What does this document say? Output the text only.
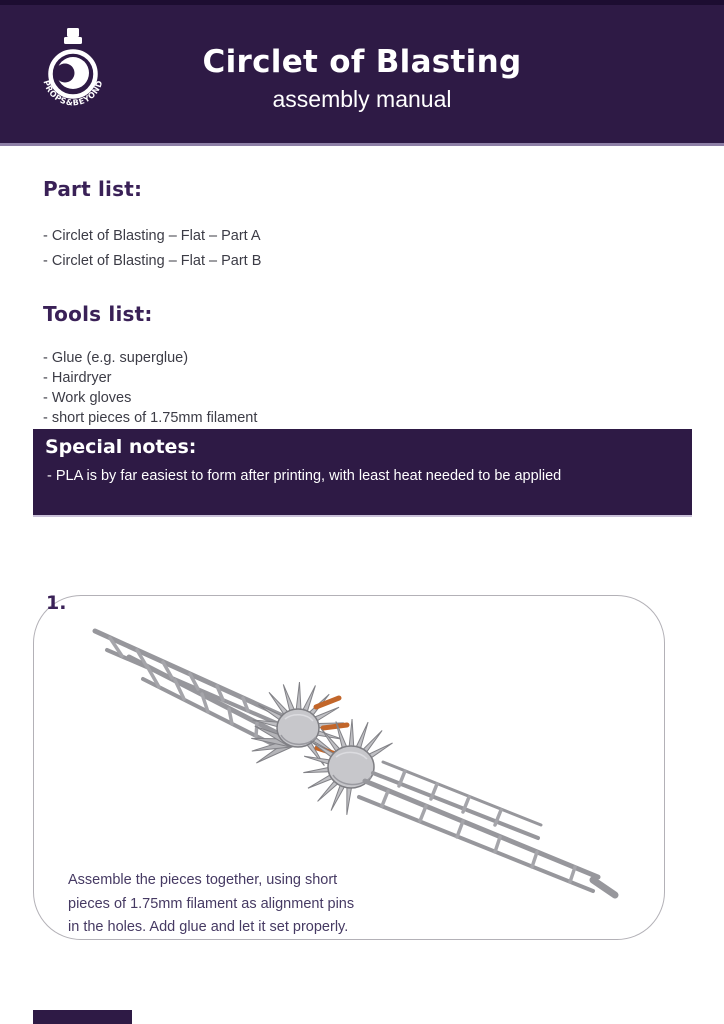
PROPS&BEYOND
Circlet of Blasting
assembly manual
Part list:
- Circlet of Blasting – Flat – Part A
- Circlet of Blasting – Flat – Part B
Tools list:
- Glue (e.g. superglue)
- Hairdryer
- Work gloves
- short pieces of 1.75mm filament
Special notes:
- PLA is by far easiest to form after printing, with least heat needed to be applied
1.
Assemble the pieces together, using short
pieces of 1.75mm filament as alignment pins
in the holes. Add glue and let it set properly.
